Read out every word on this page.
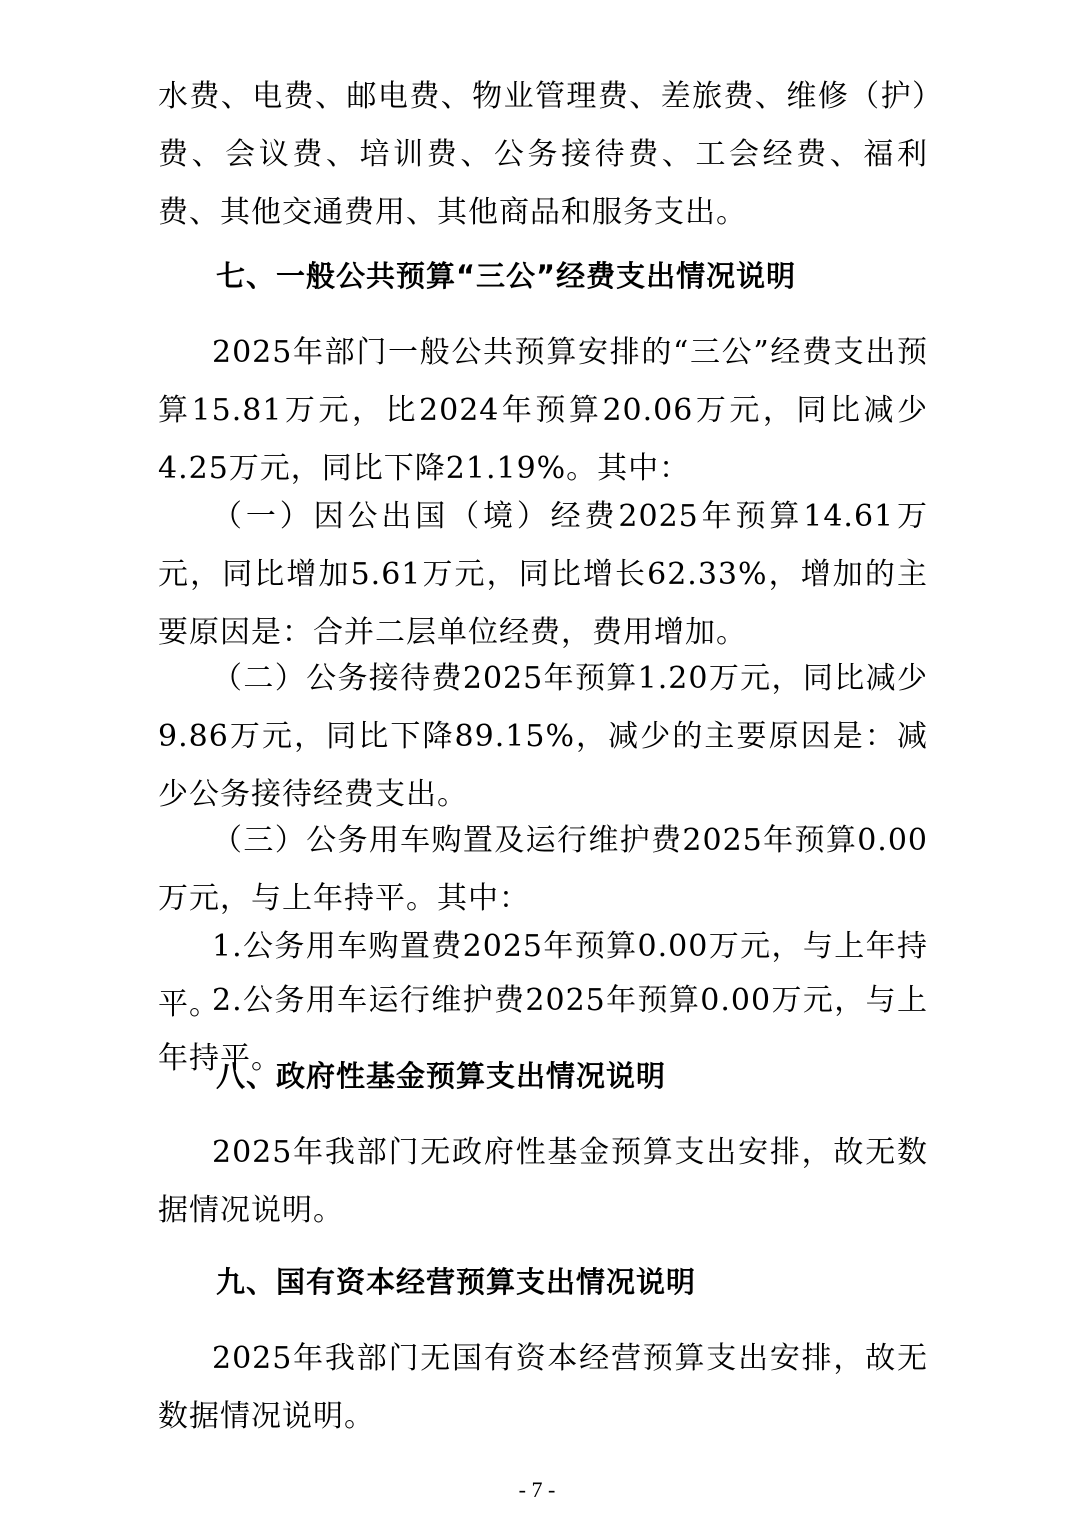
水费、电费、邮电费、物业管理费、差旅费、维修（护）费、会议费、培训费、公务接待费、工会经费、福利费、其他交通费用、其他商品和服务支出。

七、一般公共预算“三公”经费支出情况说明

2025年部门一般公共预算安排的“三公”经费支出预算15.81万元，比2024年预算20.06万元，同比减少4.25万元，同比下降21.19%。其中：

（一）因公出国（境）经费2025年预算14.61万元，同比增加5.61万元，同比增长62.33%，增加的主要原因是：合并二层单位经费，费用增加。

（二）公务接待费2025年预算1.20万元，同比减少9.86万元，同比下降89.15%，减少的主要原因是：减少公务接待经费支出。

（三）公务用车购置及运行维护费2025年预算0.00万元，与上年持平。其中：

1.公务用车购置费2025年预算0.00万元，与上年持平。

2.公务用车运行维护费2025年预算0.00万元，与上年持平。

八、政府性基金预算支出情况说明

2025年我部门无政府性基金预算支出安排，故无数据情况说明。

九、国有资本经营预算支出情况说明

2025年我部门无国有资本经营预算支出安排，故无数据情况说明。

- 7 -
